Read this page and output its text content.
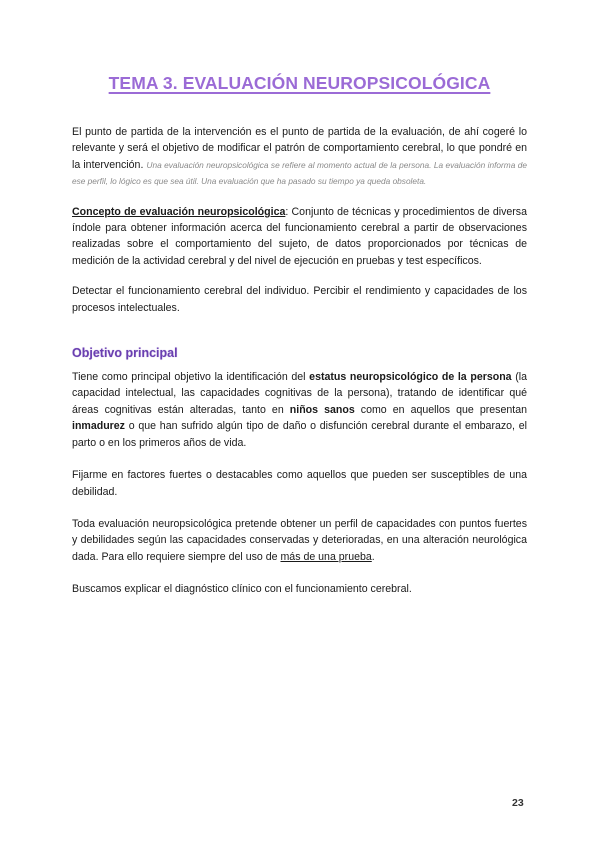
TEMA 3. EVALUACIÓN NEUROPSICOLÓGICA

El punto de partida de la intervención es el punto de partida de la evaluación, de ahí cogeré lo relevante y será el objetivo de modificar el patrón de comportamiento cerebral, lo que pondré en la intervención. Una evaluación neuropsicológica se refiere al momento actual de la persona. La evaluación informa de ese perfil, lo lógico es que sea útil. Una evaluación que ha pasado su tiempo ya queda obsoleta.

Concepto de evaluación neuropsicológica: Conjunto de técnicas y procedimientos de diversa índole para obtener información acerca del funcionamiento cerebral a partir de observaciones realizadas sobre el comportamiento del sujeto, de datos proporcionados por técnicas de medición de la actividad cerebral y del nivel de ejecución en pruebas y test específicos.

Detectar el funcionamiento cerebral del individuo. Percibir el rendimiento y capacidades de los procesos intelectuales.

Objetivo principal

Tiene como principal objetivo la identificación del estatus neuropsicológico de la persona (la capacidad intelectual, las capacidades cognitivas de la persona), tratando de identificar qué áreas cognitivas están alteradas, tanto en niños sanos como en aquellos que presentan inmadurez o que han sufrido algún tipo de daño o disfunción cerebral durante el embarazo, el parto o en los primeros años de vida.

Fijarme en factores fuertes o destacables como aquellos que pueden ser susceptibles de una debilidad.

Toda evaluación neuropsicológica pretende obtener un perfil de capacidades con puntos fuertes y debilidades según las capacidades conservadas y deterioradas, en una alteración neurológica dada. Para ello requiere siempre del uso de más de una prueba.

Buscamos explicar el diagnóstico clínico con el funcionamiento cerebral.

23
